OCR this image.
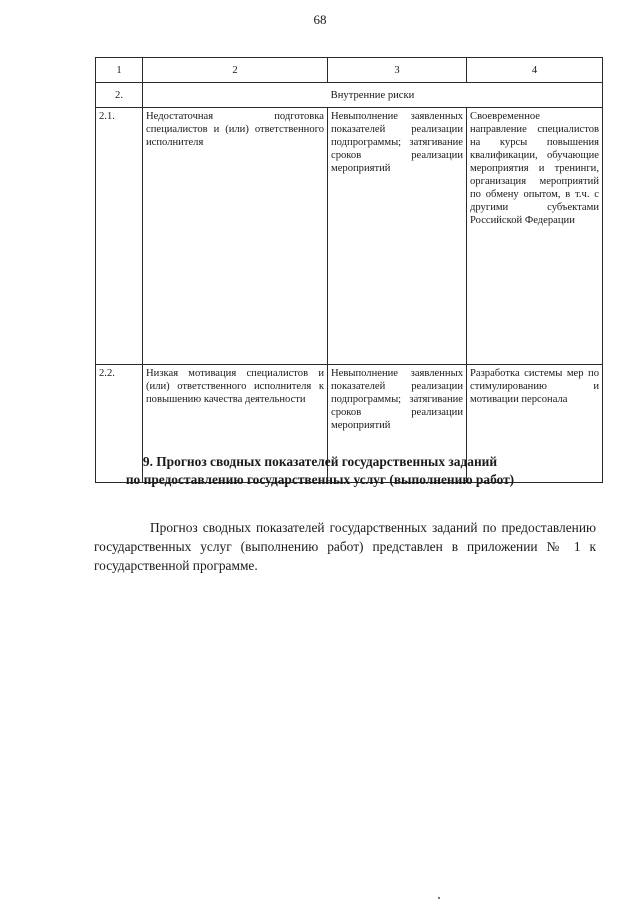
68
1	2	3	4
2.	Внутренние риски		
2.1.	Недостаточная подготовка специалистов и (или) ответственного исполнителя	Невыполнение заявленных показателей реализации подпрограммы; затягивание сроков реализации мероприятий	Своевременное направление специалистов на курсы повышения квалификации, обучающие мероприятия и тренинги, организация мероприятий по обмену опытом, в т.ч. с другими субъектами Российской Федерации
2.2.	Низкая мотивация специалистов и (или) ответственного исполнителя к повышению качества деятельности	Невыполнение заявленных показателей реализации подпрограммы; затягивание сроков реализации мероприятий	Разработка системы мер по стимулированию и мотивации персонала
9. Прогноз сводных показателей государственных заданий
по предоставлению государственных услуг (выполнению работ)

Прогноз сводных показателей государственных заданий по предоставлению государственных услуг (выполнению работ) представлен в приложении № 1 к государственной программе.
